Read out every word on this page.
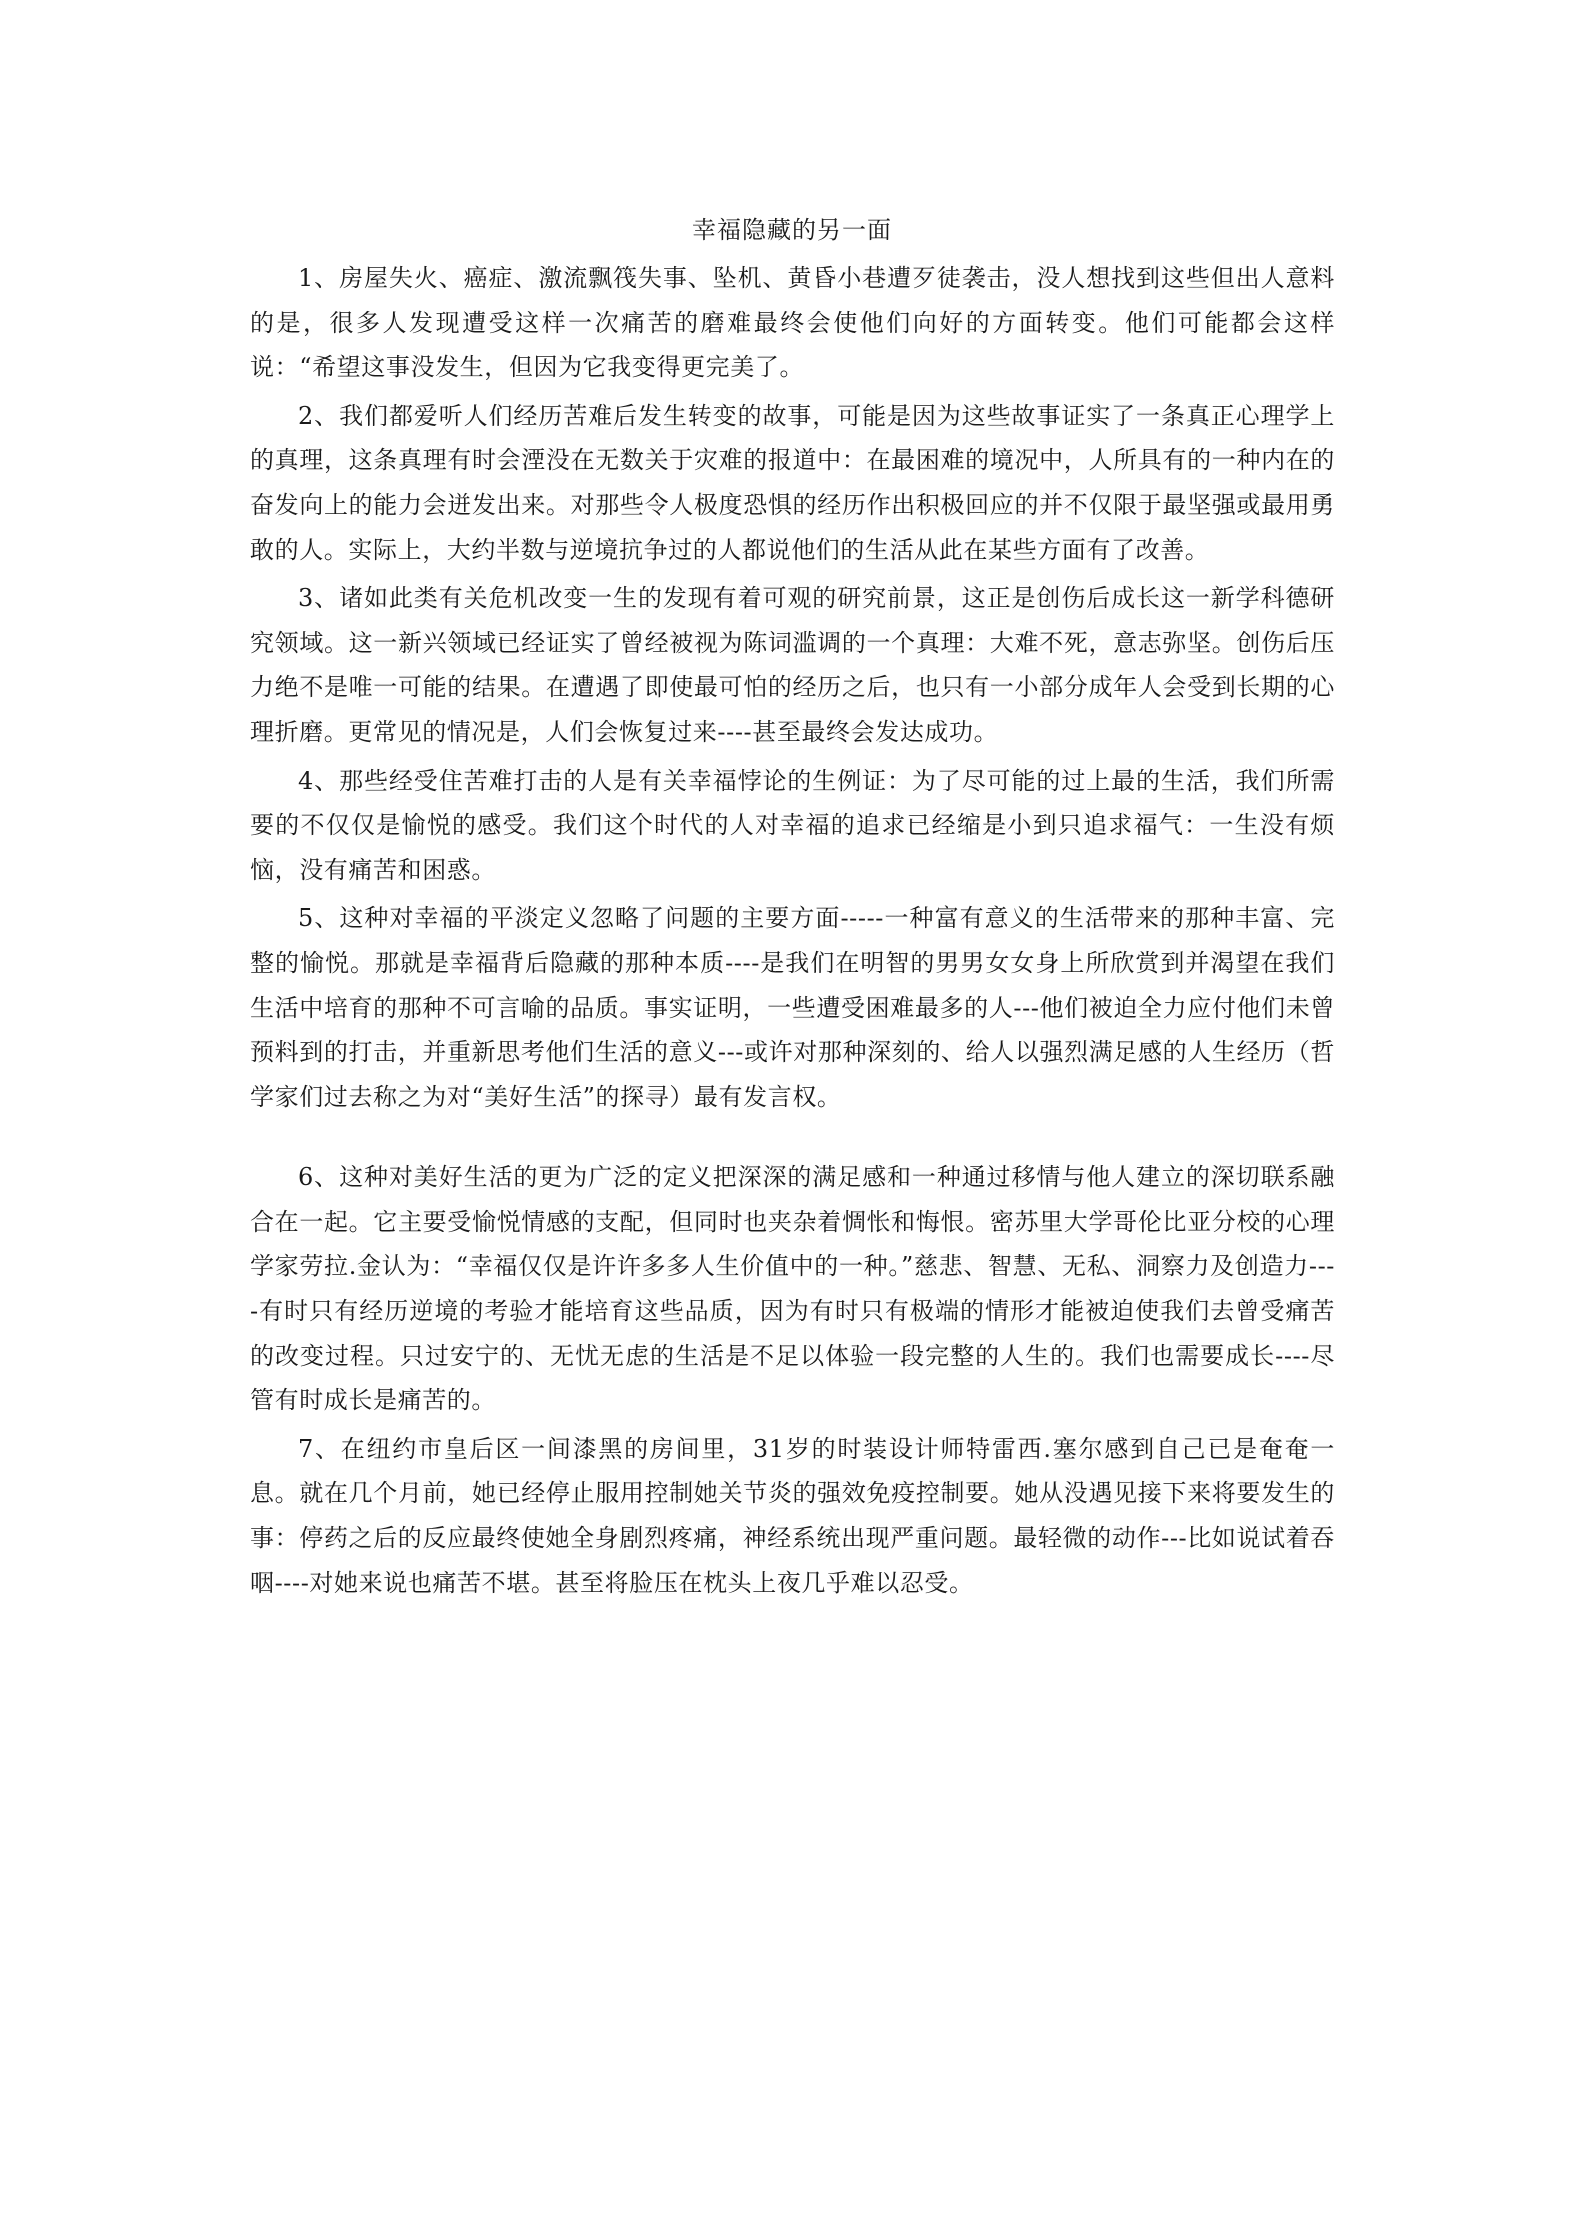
幸福隐藏的另一面

1、房屋失火、癌症、激流飘筏失事、坠机、黄昏小巷遭歹徒袭击，没人想找到这些但出人意料的是，很多人发现遭受这样一次痛苦的磨难最终会使他们向好的方面转变。他们可能都会这样说：“希望这事没发生，但因为它我变得更完美了。

2、我们都爱听人们经历苦难后发生转变的故事，可能是因为这些故事证实了一条真正心理学上的真理，这条真理有时会湮没在无数关于灾难的报道中：在最困难的境况中，人所具有的一种内在的奋发向上的能力会迸发出来。对那些令人极度恐惧的经历作出积极回应的并不仅限于最坚强或最用勇敢的人。实际上，大约半数与逆境抗争过的人都说他们的生活从此在某些方面有了改善。

3、诸如此类有关危机改变一生的发现有着可观的研究前景，这正是创伤后成长这一新学科德研究领域。这一新兴领域已经证实了曾经被视为陈词滥调的一个真理：大难不死，意志弥坚。创伤后压力绝不是唯一可能的结果。在遭遇了即使最可怕的经历之后，也只有一小部分成年人会受到长期的心理折磨。更常见的情况是，人们会恢复过来----甚至最终会发达成功。

4、那些经受住苦难打击的人是有关幸福悖论的生例证：为了尽可能的过上最的生活，我们所需要的不仅仅是愉悦的感受。我们这个时代的人对幸福的追求已经缩是小到只追求福气：一生没有烦恼，没有痛苦和困惑。

5、这种对幸福的平淡定义忽略了问题的主要方面-----一种富有意义的生活带来的那种丰富、完整的愉悦。那就是幸福背后隐藏的那种本质----是我们在明智的男男女女身上所欣赏到并渴望在我们生活中培育的那种不可言喻的品质。事实证明，一些遭受困难最多的人---他们被迫全力应付他们未曾预料到的打击，并重新思考他们生活的意义---或许对那种深刻的、给人以强烈满足感的人生经历（哲学家们过去称之为对“美好生活”的探寻）最有发言权。

6、这种对美好生活的更为广泛的定义把深深的满足感和一种通过移情与他人建立的深切联系融合在一起。它主要受愉悦情感的支配，但同时也夹杂着惆怅和悔恨。密苏里大学哥伦比亚分校的心理学家劳拉.金认为：“幸福仅仅是许许多多人生价值中的一种。”慈悲、智慧、无私、洞察力及创造力----有时只有经历逆境的考验才能培育这些品质，因为有时只有极端的情形才能被迫使我们去曾受痛苦的改变过程。只过安宁的、无忧无虑的生活是不足以体验一段完整的人生的。我们也需要成长----尽管有时成长是痛苦的。

7、在纽约市皇后区一间漆黑的房间里，31岁的时装设计师特雷西.塞尔感到自己已是奄奄一息。就在几个月前，她已经停止服用控制她关节炎的强效免疫控制要。她从没遇见接下来将要发生的事：停药之后的反应最终使她全身剧烈疼痛，神经系统出现严重问题。最轻微的动作---比如说试着吞咽----对她来说也痛苦不堪。甚至将脸压在枕头上夜几乎难以忍受。
